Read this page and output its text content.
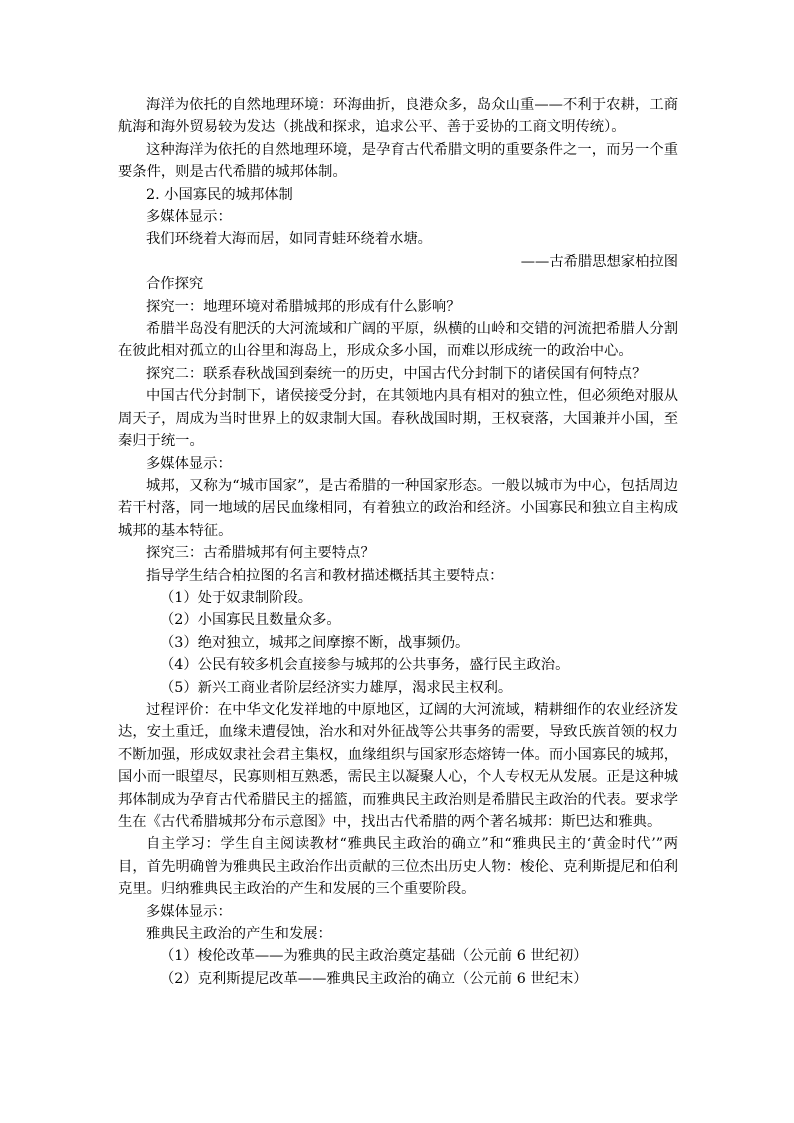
海洋为依托的自然地理环境：环海曲折，良港众多，岛众山重——不利于农耕，工商航海和海外贸易较为发达（挑战和探求，追求公平、善于妥协的工商文明传统）。

这种海洋为依托的自然地理环境，是孕育古代希腊文明的重要条件之一，而另一个重要条件，则是古代希腊的城邦体制。

2. 小国寡民的城邦体制

多媒体显示：

我们环绕着大海而居，如同青蛙环绕着水塘。

——古希腊思想家柏拉图

合作探究

探究一：地理环境对希腊城邦的形成有什么影响？

希腊半岛没有肥沃的大河流域和广阔的平原，纵横的山岭和交错的河流把希腊人分割在彼此相对孤立的山谷里和海岛上，形成众多小国，而难以形成统一的政治中心。

探究二：联系春秋战国到秦统一的历史，中国古代分封制下的诸侯国有何特点？

中国古代分封制下，诸侯接受分封，在其领地内具有相对的独立性，但必须绝对服从周天子，周成为当时世界上的奴隶制大国。春秋战国时期，王权衰落，大国兼并小国，至秦归于统一。

多媒体显示：

城邦，又称为“城市国家”，是古希腊的一种国家形态。一般以城市为中心，包括周边若干村落，同一地域的居民血缘相同，有着独立的政治和经济。小国寡民和独立自主构成城邦的基本特征。

探究三：古希腊城邦有何主要特点？

指导学生结合柏拉图的名言和教材描述概括其主要特点：

（1）处于奴隶制阶段。

（2）小国寡民且数量众多。

（3）绝对独立，城邦之间摩擦不断，战事频仍。

（4）公民有较多机会直接参与城邦的公共事务，盛行民主政治。

（5）新兴工商业者阶层经济实力雄厚，渴求民主权利。

过程评价：在中华文化发祥地的中原地区，辽阔的大河流域，精耕细作的农业经济发达，安土重迁，血缘未遭侵蚀，治水和对外征战等公共事务的需要，导致氏族首领的权力不断加强，形成奴隶社会君主集权，血缘组织与国家形态熔铸一体。而小国寡民的城邦，国小而一眼望尽，民寡则相互熟悉，需民主以凝聚人心，个人专权无从发展。正是这种城邦体制成为孕育古代希腊民主的摇篮，而雅典民主政治则是希腊民主政治的代表。要求学生在《古代希腊城邦分布示意图》中，找出古代希腊的两个著名城邦：斯巴达和雅典。

自主学习：学生自主阅读教材“雅典民主政治的确立”和“雅典民主的‘黄金时代’”两目，首先明确曾为雅典民主政治作出贡献的三位杰出历史人物：梭伦、克利斯提尼和伯利克里。归纳雅典民主政治的产生和发展的三个重要阶段。

多媒体显示：

雅典民主政治的产生和发展：

（1）梭伦改革——为雅典的民主政治奠定基础（公元前 6 世纪初）

（2）克利斯提尼改革——雅典民主政治的确立（公元前 6 世纪末）
